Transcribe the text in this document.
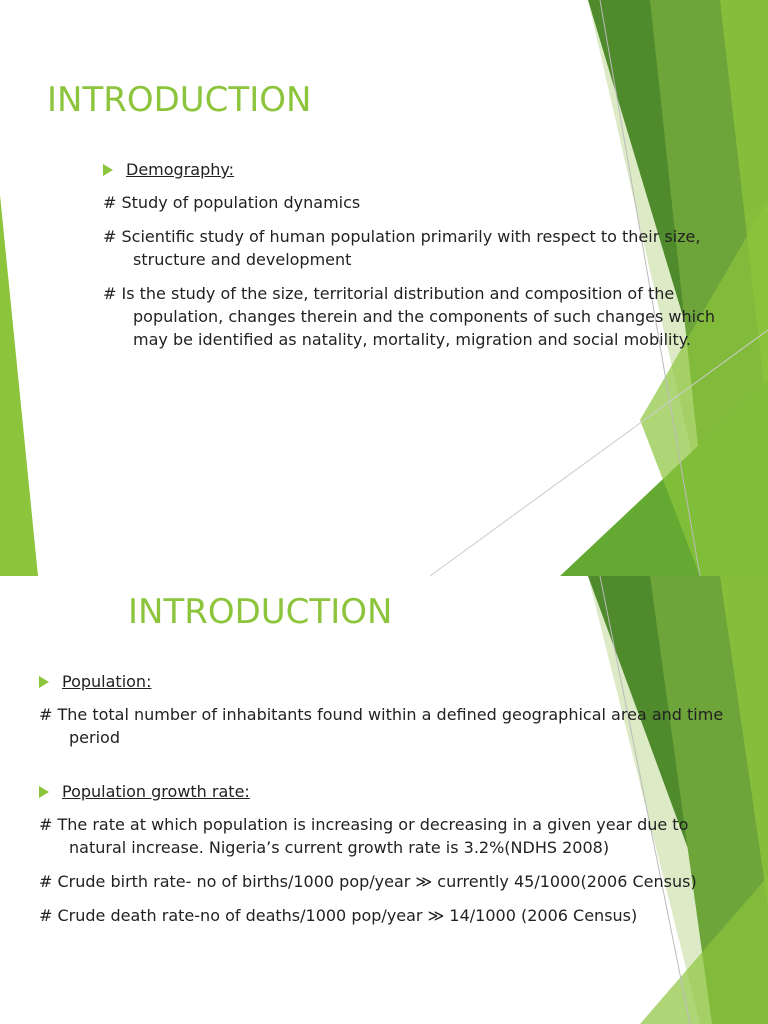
INTRODUCTION
Demography:

# Study of population dynamics

# Scientific study of human population primarily with respect to their size, structure and development

# Is the study of the size, territorial distribution and composition of the population, changes therein and the components of such changes which may be identified as natality, mortality, migration and social mobility.

INTRODUCTION
Population:

# The total number of inhabitants found within a defined geographical area and time period

Population growth rate:

# The rate at which population is increasing or decreasing in a given year due to natural increase. Nigeria’s current growth rate is 3.2%(NDHS 2008)

# Crude birth rate- no of births/1000 pop/year ≫ currently 45/1000(2006 Census)

# Crude death rate-no of deaths/1000 pop/year ≫ 14/1000 (2006 Census)
